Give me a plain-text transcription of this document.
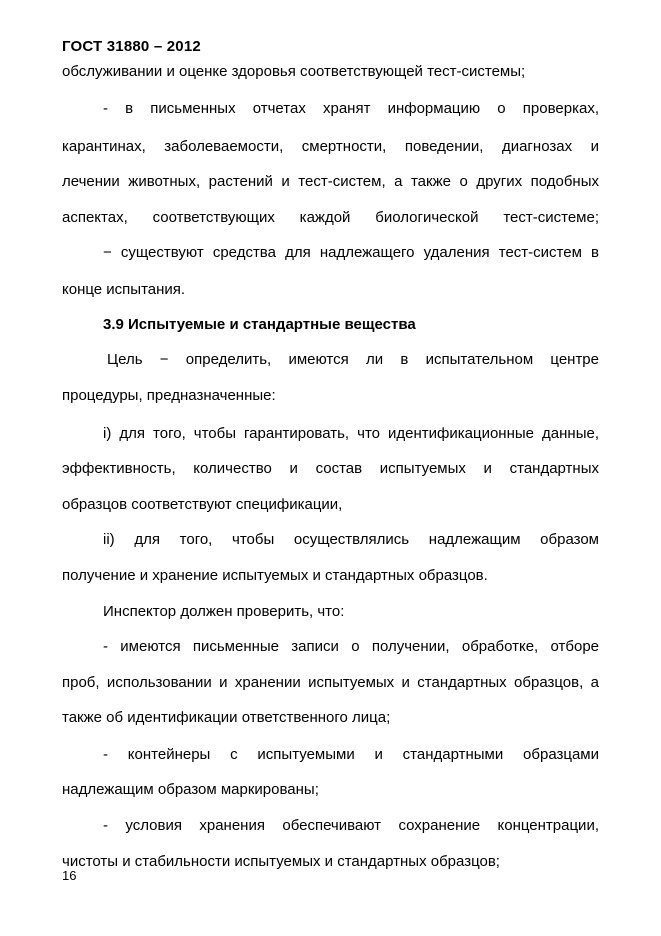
ГОСТ 31880 – 2012
обслуживании и оценке здоровья соответствующей тест-системы;
- в письменных отчетах хранят информацию о проверках,
карантинах, заболеваемости, смертности, поведении, диагнозах и
лечении животных, растений и тест-систем, а также о других подобных
аспектах, соответствующих каждой биологической тест-системе;
− существуют средства для надлежащего удаления тест-систем в
конце испытания.
3.9 Испытуемые и стандартные вещества
Цель − определить, имеются ли в испытательном центре
процедуры, предназначенные:
i) для того, чтобы гарантировать, что идентификационные данные,
эффективность, количество и состав испытуемых и стандартных
образцов соответствуют спецификации,
ii) для того, чтобы осуществлялись надлежащим образом
получение и хранение испытуемых и стандартных образцов.
Инспектор должен проверить, что:
- имеются письменные записи о получении, обработке, отборе
проб, использовании и хранении испытуемых и стандартных образцов, а
также об идентификации ответственного лица;
- контейнеры с испытуемыми и стандартными образцами
надлежащим образом маркированы;
- условия хранения обеспечивают сохранение концентрации,
чистоты и стабильности испытуемых и стандартных образцов;
16
